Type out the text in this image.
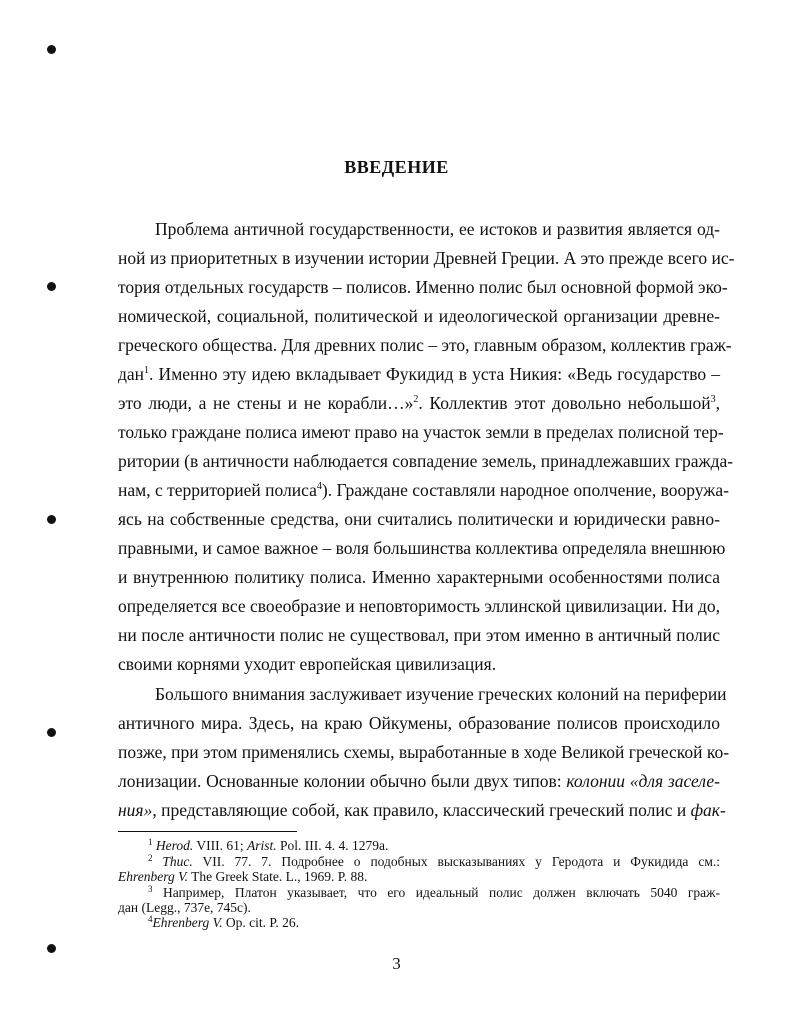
ВВЕДЕНИЕ
Проблема античной государственности, ее истоков и развития является од-
ной из приоритетных в изучении истории Древней Греции. А это прежде всего ис-
тория отдельных государств – полисов. Именно полис был основной формой эко-
номической, социальной, политической и идеологической организации древне-
греческого общества. Для древних полис – это, главным образом, коллектив граж-
дан$^1$. Именно эту идею вкладывает Фукидид в уста Никия: «Ведь государство –
это люди, а не стены и не корабли…»$^2$. Коллектив этот довольно небольшой$^3$,
только граждане полиса имеют право на участок земли в пределах полисной тер-
ритории (в античности наблюдается совпадение земель, принадлежавших гражда-
нам, с территорией полиса$^4$). Граждане составляли народное ополчение, вооружа-
ясь на собственные средства, они считались политически и юридически равно-
правными, и самое важное – воля большинства коллектива определяла внешнюю
и внутреннюю политику полиса. Именно характерными особенностями полиса
определяется все своеобразие и неповторимость эллинской цивилизации. Ни до,
ни после античности полис не существовал, при этом именно в античный полис
своими корнями уходит европейская цивилизация.
Большого внимания заслуживает изучение греческих колоний на периферии
античного мира. Здесь, на краю Ойкумены, образование полисов происходило
позже, при этом применялись схемы, выработанные в ходе Великой греческой ко-
лонизации. Основанные колонии обычно были двух типов: колонии «для заселе-
ния», представляющие собой, как правило, классический греческий полис и фак-
$^1$ Herod. VIII. 61; Arist. Pol. III. 4. 4. 1279a.
$^2$ Thuc. VII. 77. 7. Подробнее о подобных высказываниях у Геродота и Фукидида см.:
Ehrenberg V. The Greek State. L., 1969. P. 88.
$^3$ Например, Платон указывает, что его идеальный полис должен включать 5040 граж-
дан (Legg., 737e, 745c).
$^4$Ehrenberg V. Op. cit. P. 26.
3
